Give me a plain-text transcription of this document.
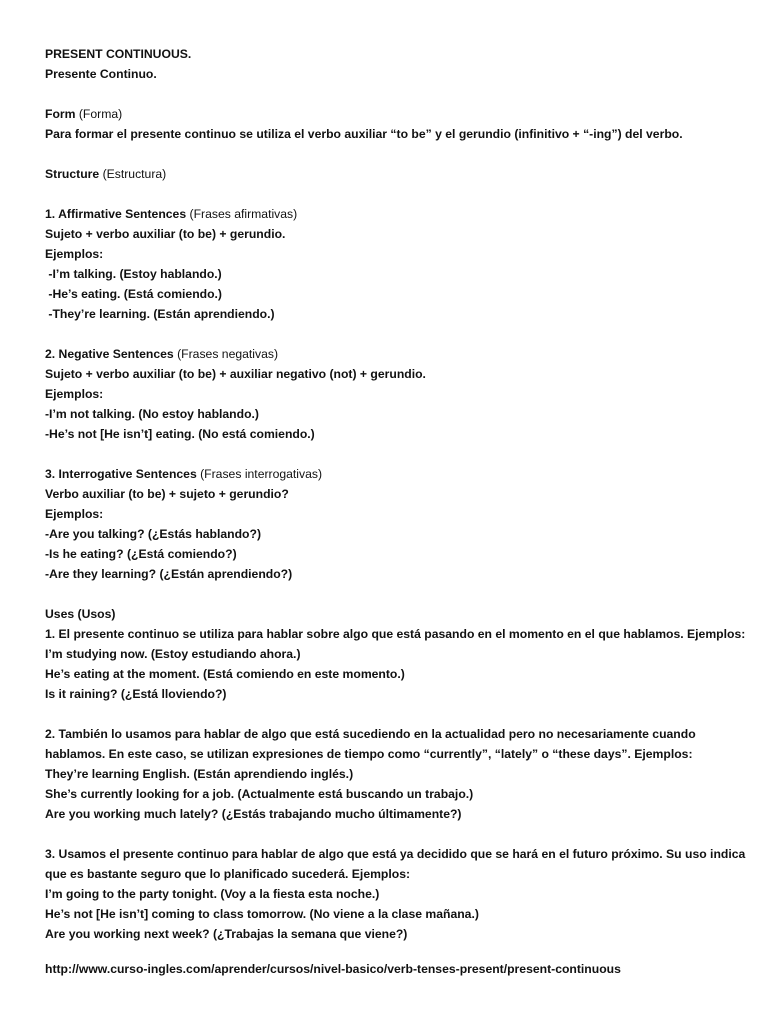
PRESENT CONTINUOUS.
Presente Continuo.
Form (Forma)
Para formar el presente continuo se utiliza el verbo auxiliar “to be” y el gerundio (infinitivo + “-ing”) del verbo.
Structure (Estructura)
1. Affirmative Sentences (Frases afirmativas)
Sujeto + verbo auxiliar (to be) + gerundio.
Ejemplos:
-I’m talking. (Estoy hablando.)
-He’s eating. (Está comiendo.)
-They’re learning. (Están aprendiendo.)
2. Negative Sentences (Frases negativas)
Sujeto + verbo auxiliar (to be) + auxiliar negativo (not) + gerundio.
Ejemplos:
-I’m not talking. (No estoy hablando.)
-He’s not [He isn’t] eating. (No está comiendo.)
3. Interrogative Sentences (Frases interrogativas)
Verbo auxiliar (to be) + sujeto + gerundio?
Ejemplos:
-Are you talking? (¿Estás hablando?)
-Is he eating? (¿Está comiendo?)
-Are they learning? (¿Están aprendiendo?)
Uses (Usos)
1. El presente continuo se utiliza para hablar sobre algo que está pasando en el momento en el que hablamos. Ejemplos:
I’m studying now. (Estoy estudiando ahora.)
He’s eating at the moment. (Está comiendo en este momento.)
Is it raining? (¿Está lloviendo?)
2. También lo usamos para hablar de algo que está sucediendo en la actualidad pero no necesariamente cuando
hablamos. En este caso, se utilizan expresiones de tiempo como “currently”, “lately” o “these days”. Ejemplos:
They’re learning English. (Están aprendiendo inglés.)
She’s currently looking for a job. (Actualmente está buscando un trabajo.)
Are you working much lately? (¿Estás trabajando mucho últimamente?)
3. Usamos el presente continuo para hablar de algo que está ya decidido que se hará en el futuro próximo. Su uso indica
que es bastante seguro que lo planificado sucederá. Ejemplos:
I’m going to the party tonight. (Voy a la fiesta esta noche.)
He’s not [He isn’t] coming to class tomorrow. (No viene a la clase mañana.)
Are you working next week? (¿Trabajas la semana que viene?)
http://www.curso-ingles.com/aprender/cursos/nivel-basico/verb-tenses-present/present-continuous
